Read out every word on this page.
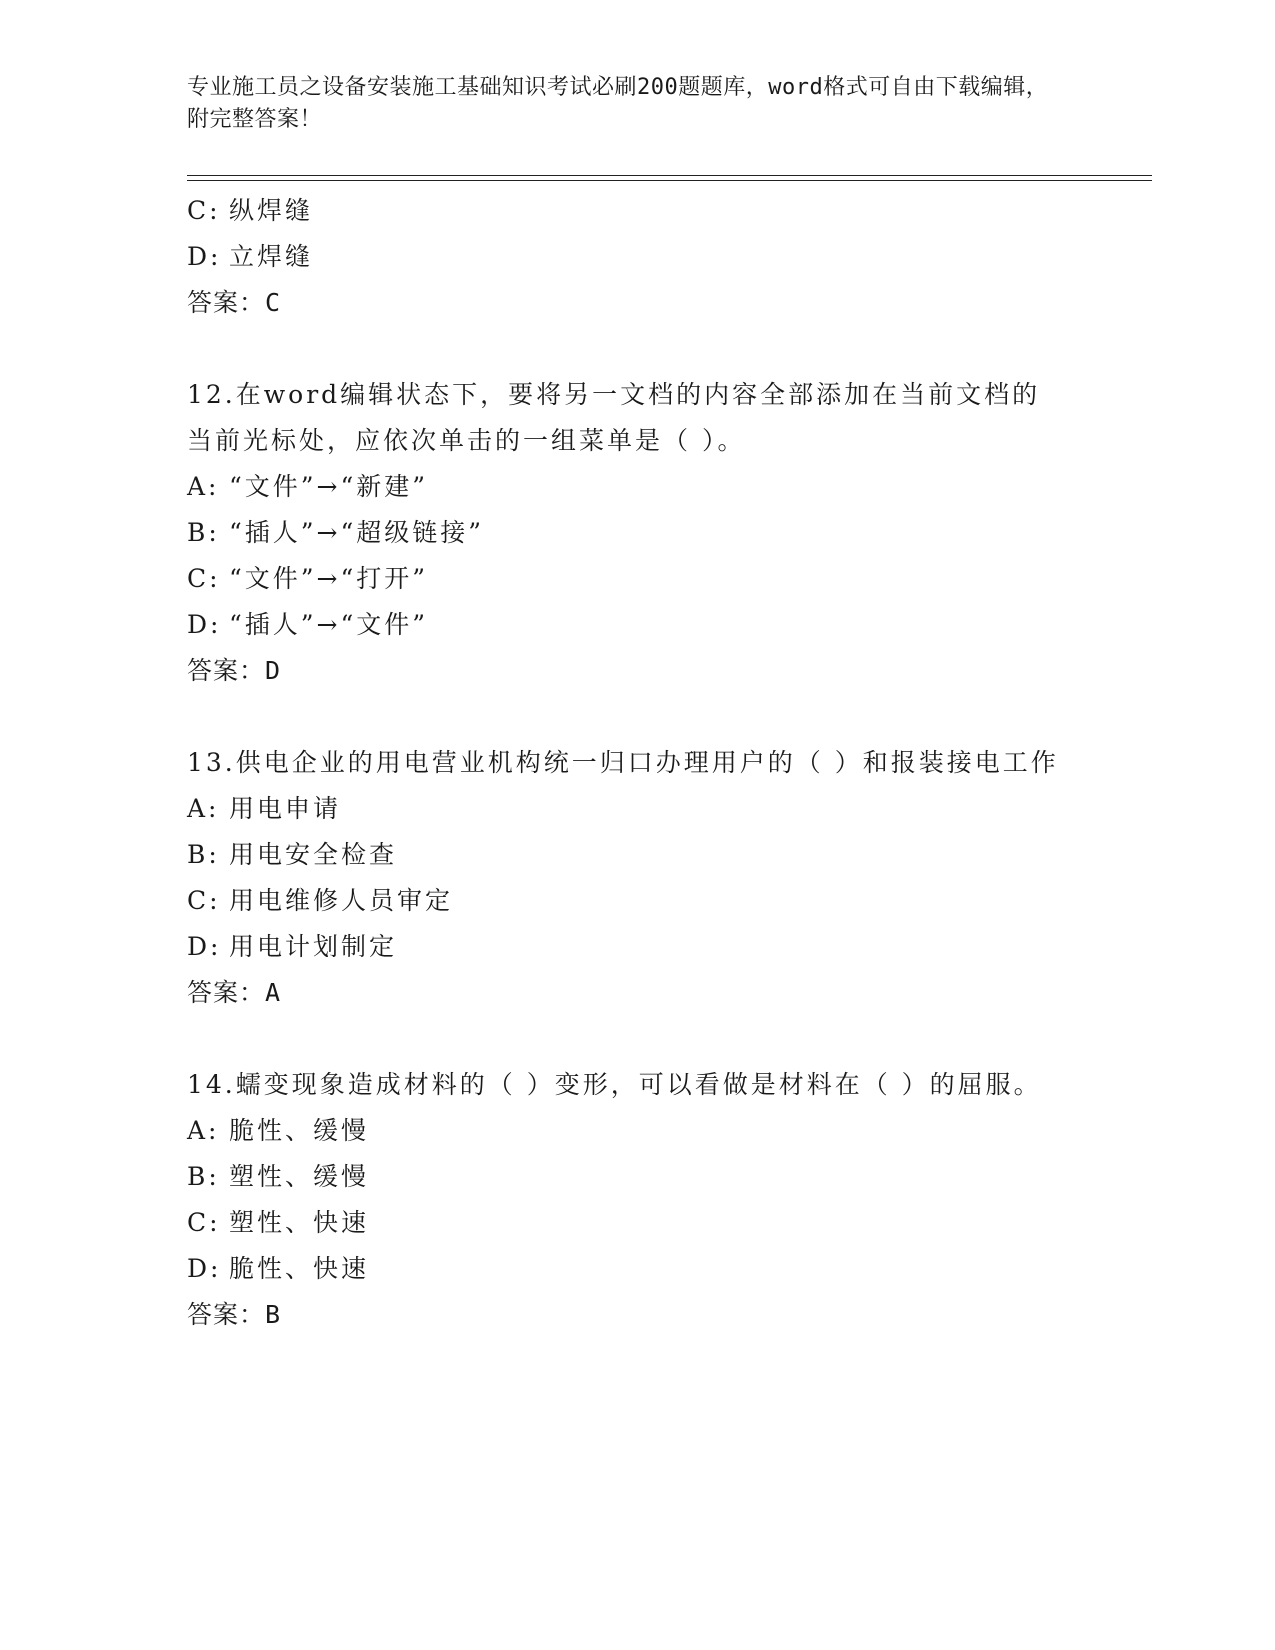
专业施工员之设备安装施工基础知识考试必刷200题题库，word格式可自由下载编辑，附完整答案！
C: 纵焊缝
D: 立焊缝
答案：C
12.在word编辑状态下，要将另一文档的内容全部添加在当前文档的当前光标处，应依次单击的一组菜单是（ ）。
A: “文件”→“新建”
B: “插人”→“超级链接”
C: “文件”→“打开”
D: “插人”→“文件”
答案：D
13.供电企业的用电营业机构统一归口办理用户的（ ）和报装接电工作
A: 用电申请
B: 用电安全检查
C: 用电维修人员审定
D: 用电计划制定
答案：A
14.蠕变现象造成材料的（ ）变形，可以看做是材料在（ ）的屈服。
A: 脆性、缓慢
B: 塑性、缓慢
C: 塑性、快速
D: 脆性、快速
答案：B
